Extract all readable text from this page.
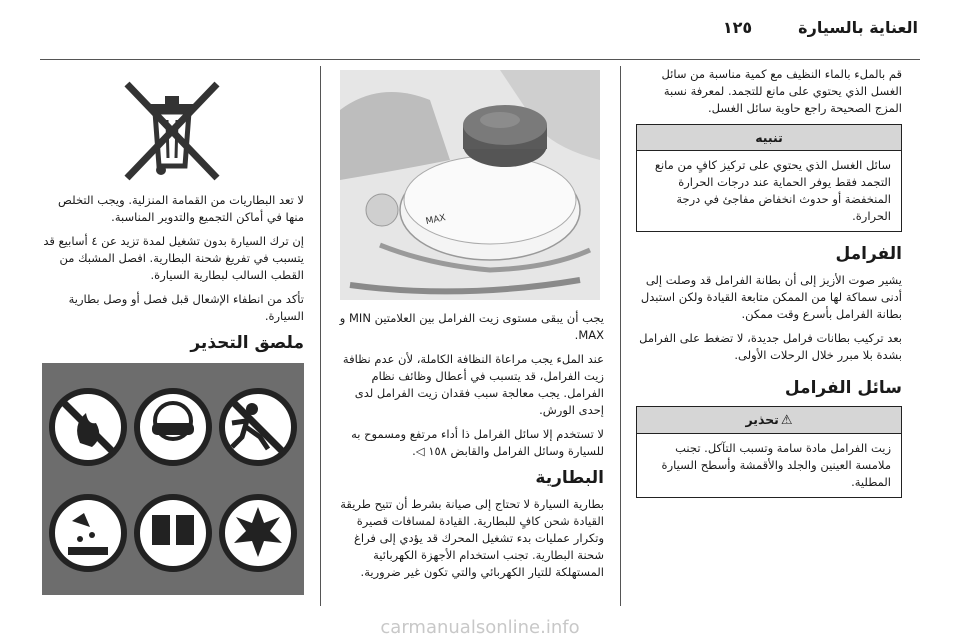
العناية بالسيارة
١٢٥

قم بالملء بالماء النظيف مع كمية مناسبة من سائل الغسل الذي يحتوي على مانع للتجمد. لمعرفة نسبة المزج الصحيحة راجع حاوية سائل الغسل.

تنبيه
سائل الغسل الذي يحتوي على تركيز كافٍ من مانع التجمد فقط يوفر الحماية عند درجات الحرارة المنخفضة أو حدوث انخفاض مفاجئ في درجة الحرارة.
الفرامل

يشير صوت الأزيز إلى أن بطانة الفرامل قد وصلت إلى أدنى سماكة لها من الممكن متابعة القيادة ولكن استبدل بطانة الفرامل بأسرع وقت ممكن.

بعد تركيب بطانات فرامل جديدة، لا تضغط على الفرامل بشدة بلا مبرر خلال الرحلات الأولى.

سائل الفرامل
⚠تحذير
زيت الفرامل مادة سامة وتسبب التآكل. تجنب ملامسة العينين والجلد والأقمشة وأسطح السيارة المطلية.
MAX

يجب أن يبقى مستوى زيت الفرامل بين العلامتين MIN و MAX.

عند الملء يجب مراعاة النظافة الكاملة، لأن عدم نظافة زيت الفرامل، قد يتسبب في أعطال وظائف نظام الفرامل. يجب معالجة سبب فقدان زيت الفرامل لدى إحدى الورش.

لا تستخدم إلا سائل الفرامل ذا أداء مرتفع ومسموح به للسيارة وسائل الفرامل والقابض ١٥٨ ◁.

البطارية

بطارية السيارة لا تحتاج إلى صيانة بشرط أن تتيح طريقة القيادة شحن كافٍ للبطارية. القيادة لمسافات قصيرة وتكرار عمليات بدء تشغيل المحرك قد يؤدي إلى فراغ شحنة البطارية. تجنب استخدام الأجهزة الكهربائية المستهلكة للتيار الكهربائي والتي تكون غير ضرورية.

لا تعد البطاريات من القمامة المنزلية. ويجب التخلص منها في أماكن التجميع والتدوير المناسبة.

إن ترك السيارة بدون تشغيل لمدة تزيد عن ٤ أسابيع قد يتسبب في تفريغ شحنة البطارية. افصل المشبك من القطب السالب لبطارية السيارة.

تأكد من انطفاء الإشعال قبل فصل أو وصل بطارية السيارة.

ملصق التحذير
carmanualsonline.info
